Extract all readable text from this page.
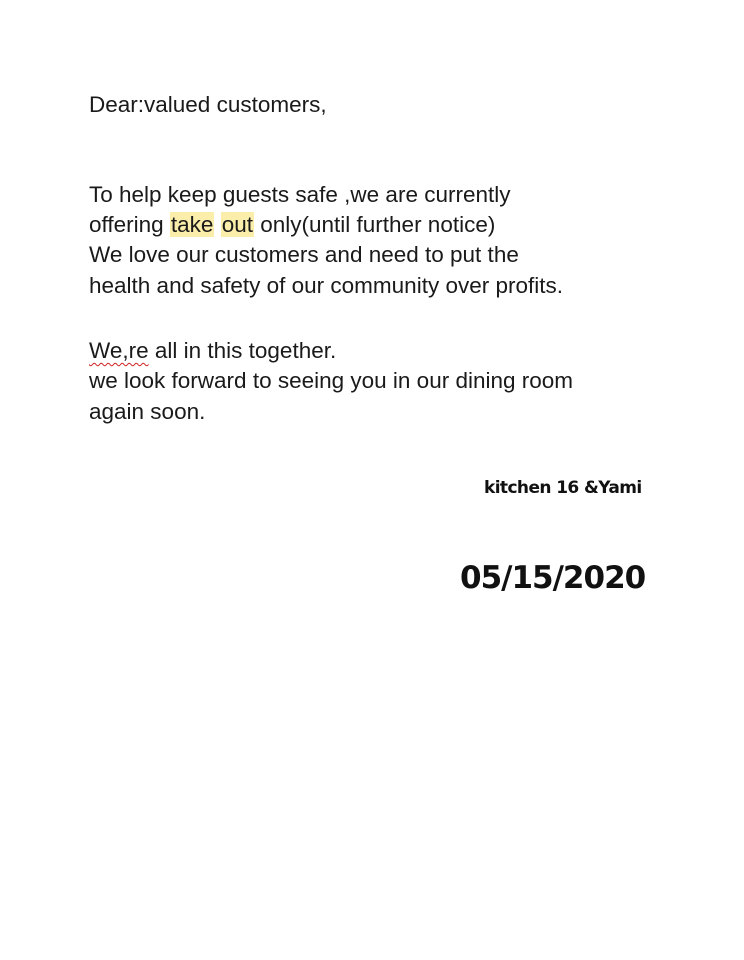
Dear:valued customers,

To help keep guests safe ,we are currently

offering take out only(until further notice)

We love our customers and need to put the

health and safety of our community over profits.

We,re all in this together.

we look forward to seeing you in our dining room

again soon.

kitchen 16 &Yami
05/15/2020
